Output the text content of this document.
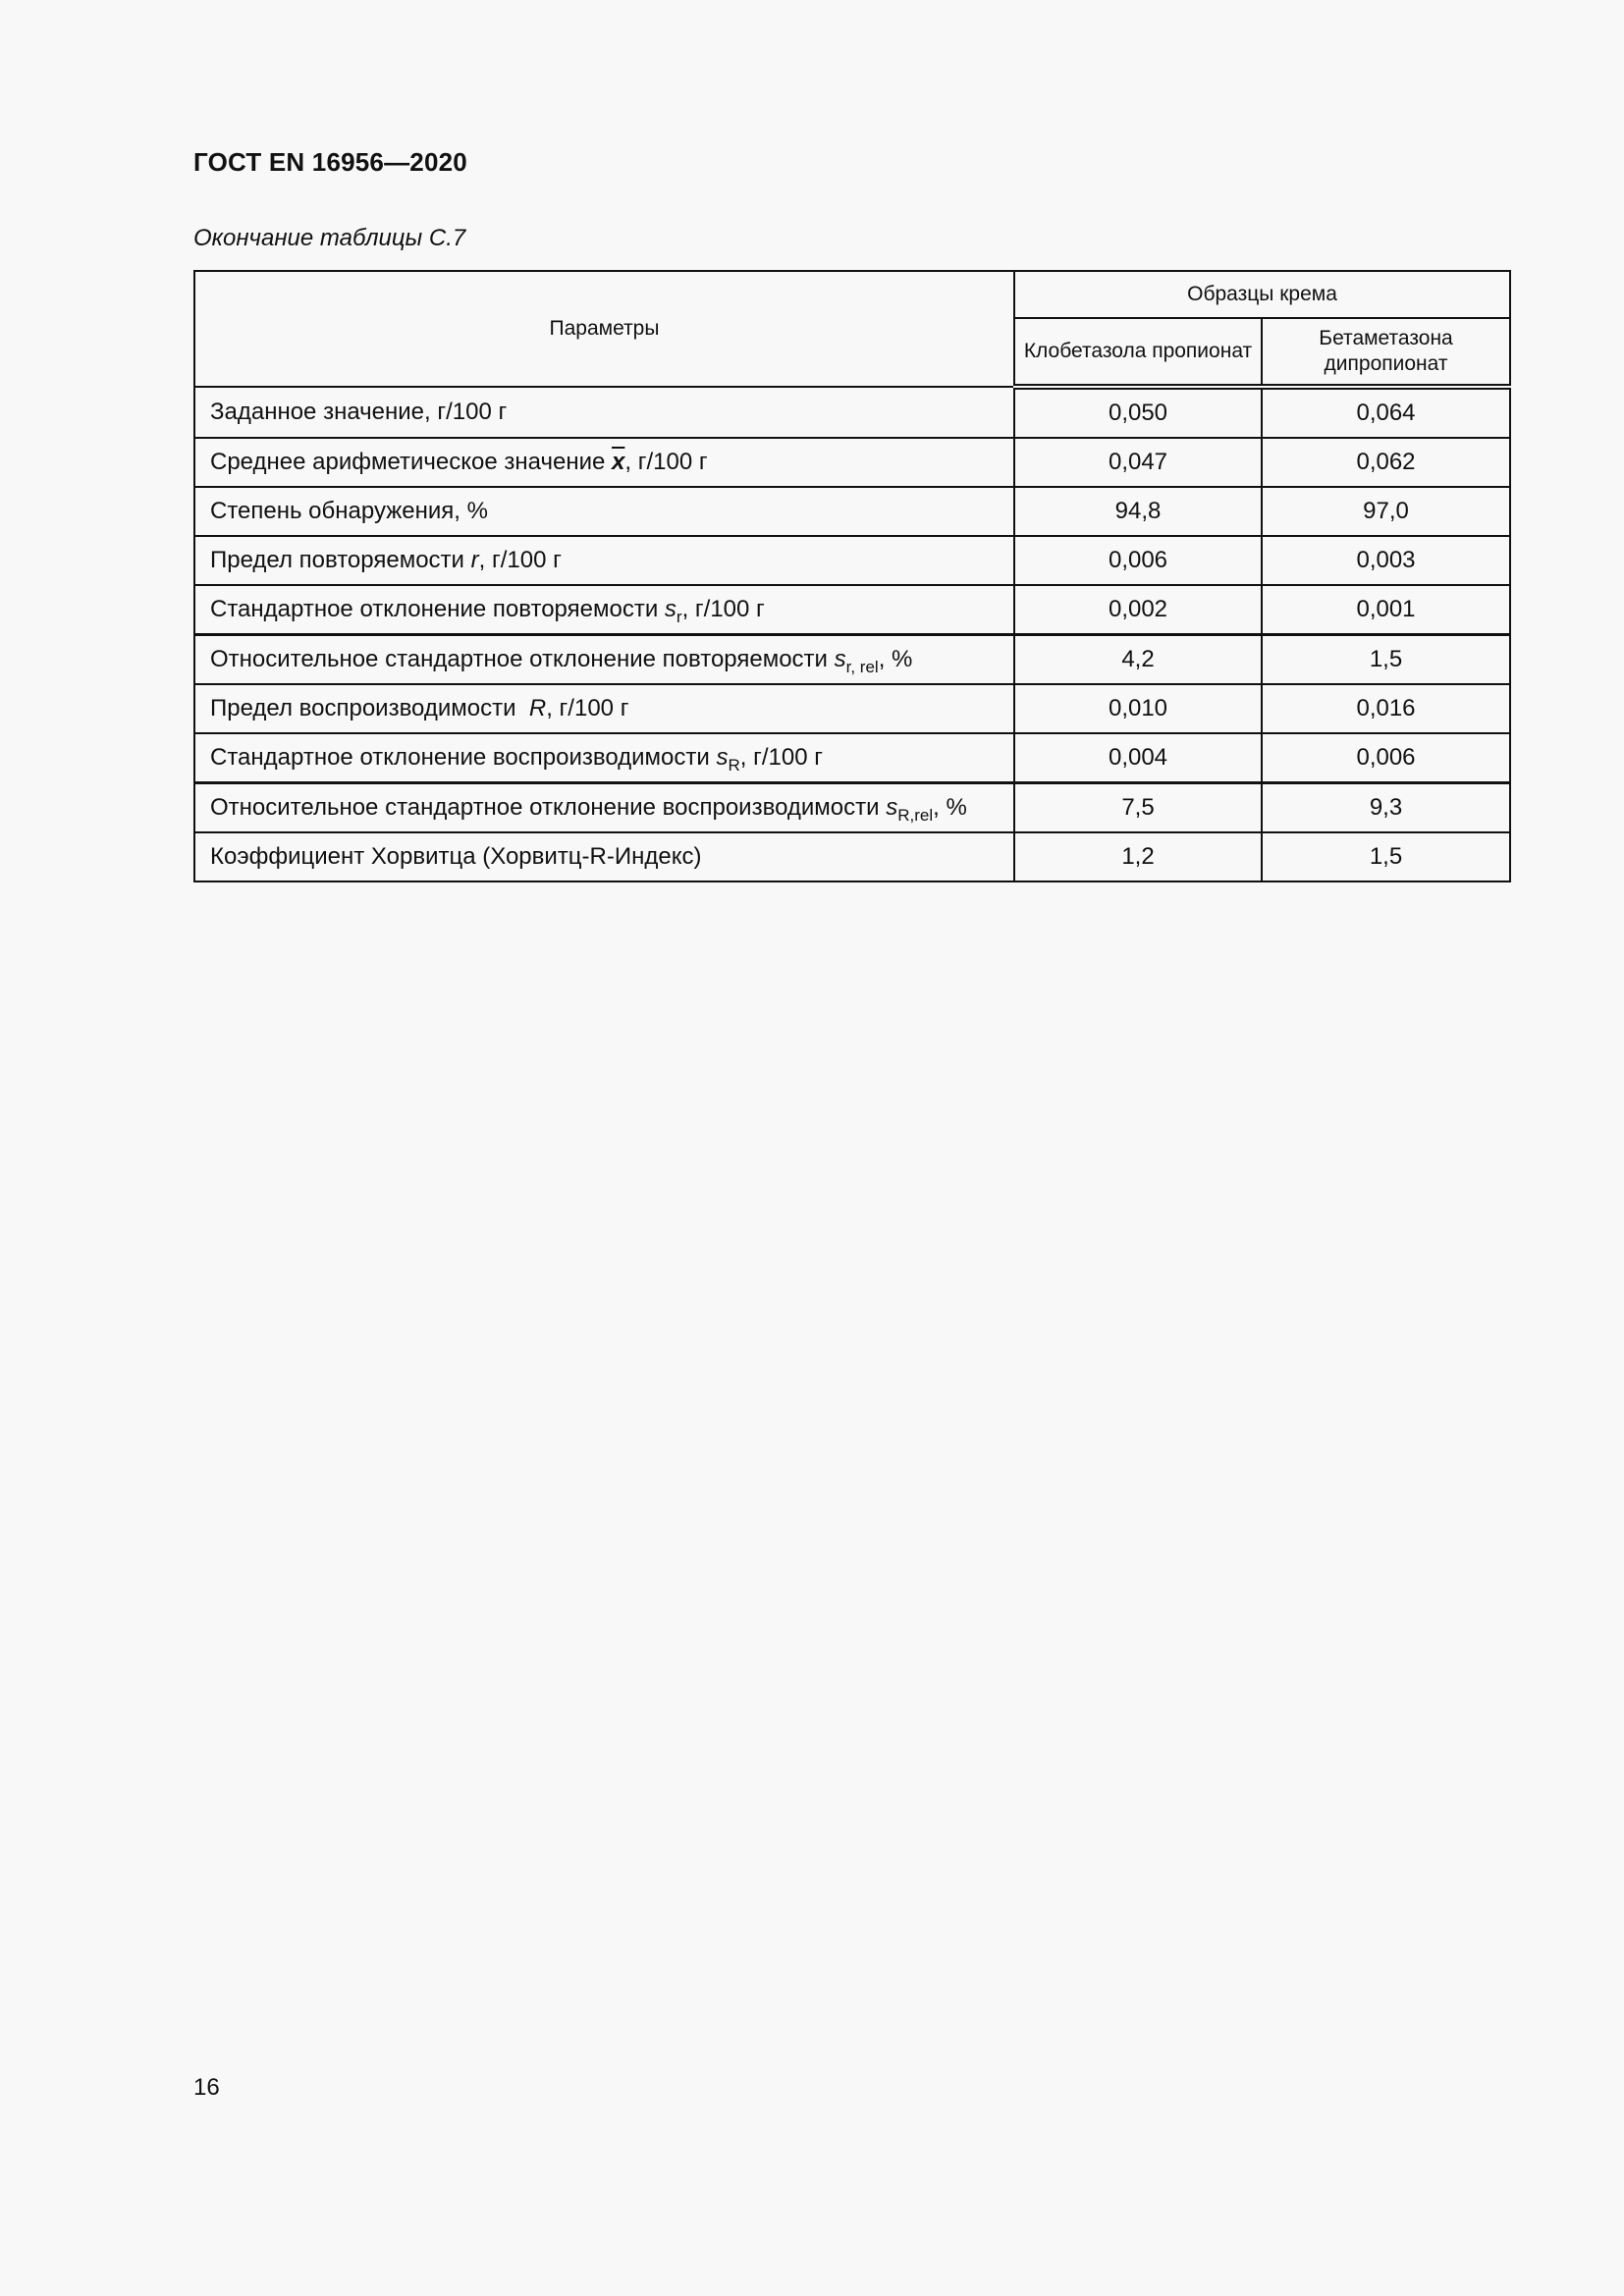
ГОСТ EN 16956—2020
Окончание таблицы С.7
Параметры	Образцы крема	
	Клобетазола пропионат	Бетаметазона дипропионат
Заданное значение, г/100 г	0,050	0,064
Среднее арифметическое значение $\overline{x}$, г/100 г	0,047	0,062
Степень обнаружения, %	94,8	97,0
Предел повторяемости r, г/100 г	0,006	0,003
Стандартное отклонение повторяемости $s_r$, г/100 г	0,002	0,001
Относительное стандартное отклонение повторяемости $s_{r, rel}$, %	4,2	1,5
Предел воспроизводимости  R, г/100 г	0,010	0,016
Стандартное отклонение воспроизводимости $s_R$, г/100 г	0,004	0,006
Относительное стандартное отклонение воспроизводимости $s_{R,rel}$, %	7,5	9,3
Коэффициент Хорвитца (Хорвитц-R-Индекс)	1,2	1,5
16
